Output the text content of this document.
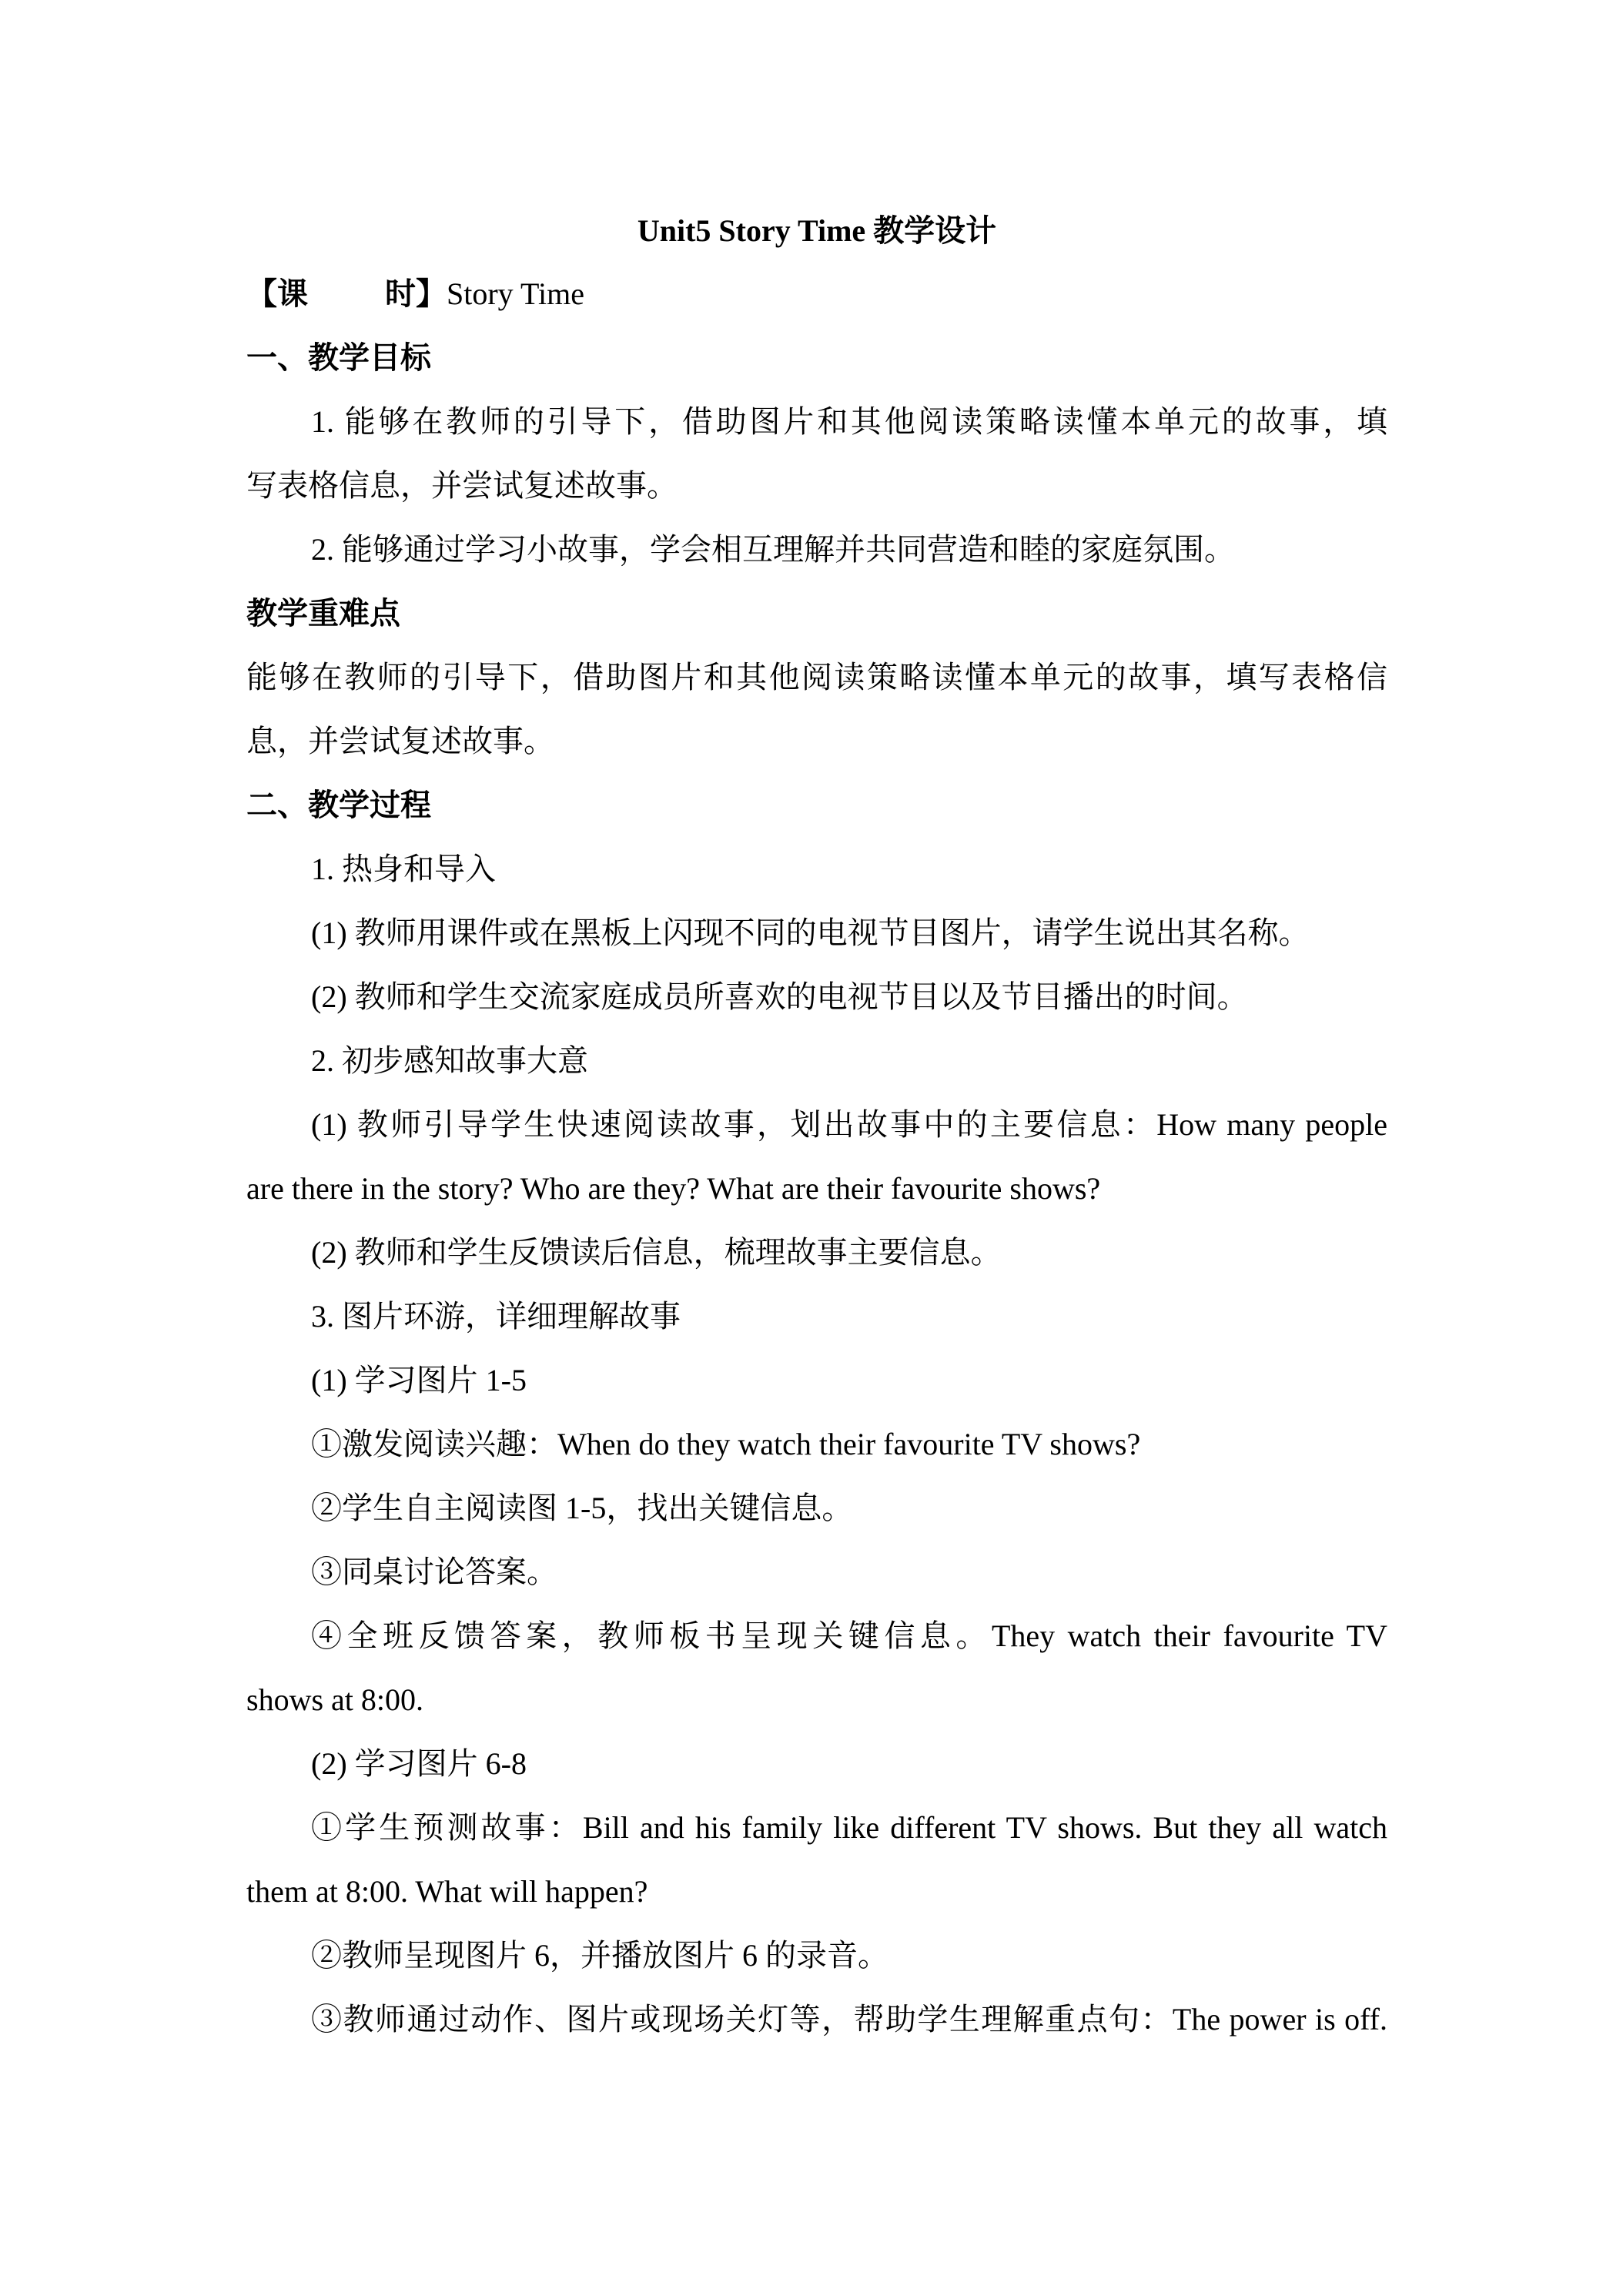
Unit5 Story Time 教学设计
【课	时】Story Time
一、教学目标
1. 能够在教师的引导下，借助图片和其他阅读策略读懂本单元的故事，填
写表格信息，并尝试复述故事。
2. 能够通过学习小故事，学会相互理解并共同营造和睦的家庭氛围。
教学重难点
能够在教师的引导下，借助图片和其他阅读策略读懂本单元的故事，填写表格信
息，并尝试复述故事。
二、教学过程
1. 热身和导入
(1) 教师用课件或在黑板上闪现不同的电视节目图片，请学生说出其名称。
(2) 教师和学生交流家庭成员所喜欢的电视节目以及节目播出的时间。
2. 初步感知故事大意
(1) 教师引导学生快速阅读故事，划出故事中的主要信息：How many people
are there in the story? Who are they? What are their favourite shows?
(2) 教师和学生反馈读后信息，梳理故事主要信息。
3. 图片环游，详细理解故事
(1) 学习图片 1-5
①激发阅读兴趣：When do they watch their favourite TV shows?
②学生自主阅读图 1-5，找出关键信息。
③同桌讨论答案。
④全班反馈答案，教师板书呈现关键信息。They watch their favourite TV
shows at 8:00.
(2) 学习图片 6-8
①学生预测故事：Bill and his family like different TV shows. But they all watch
them at 8:00. What will happen?
②教师呈现图片 6，并播放图片 6 的录音。
③教师通过动作、图片或现场关灯等，帮助学生理解重点句：The power is off.
